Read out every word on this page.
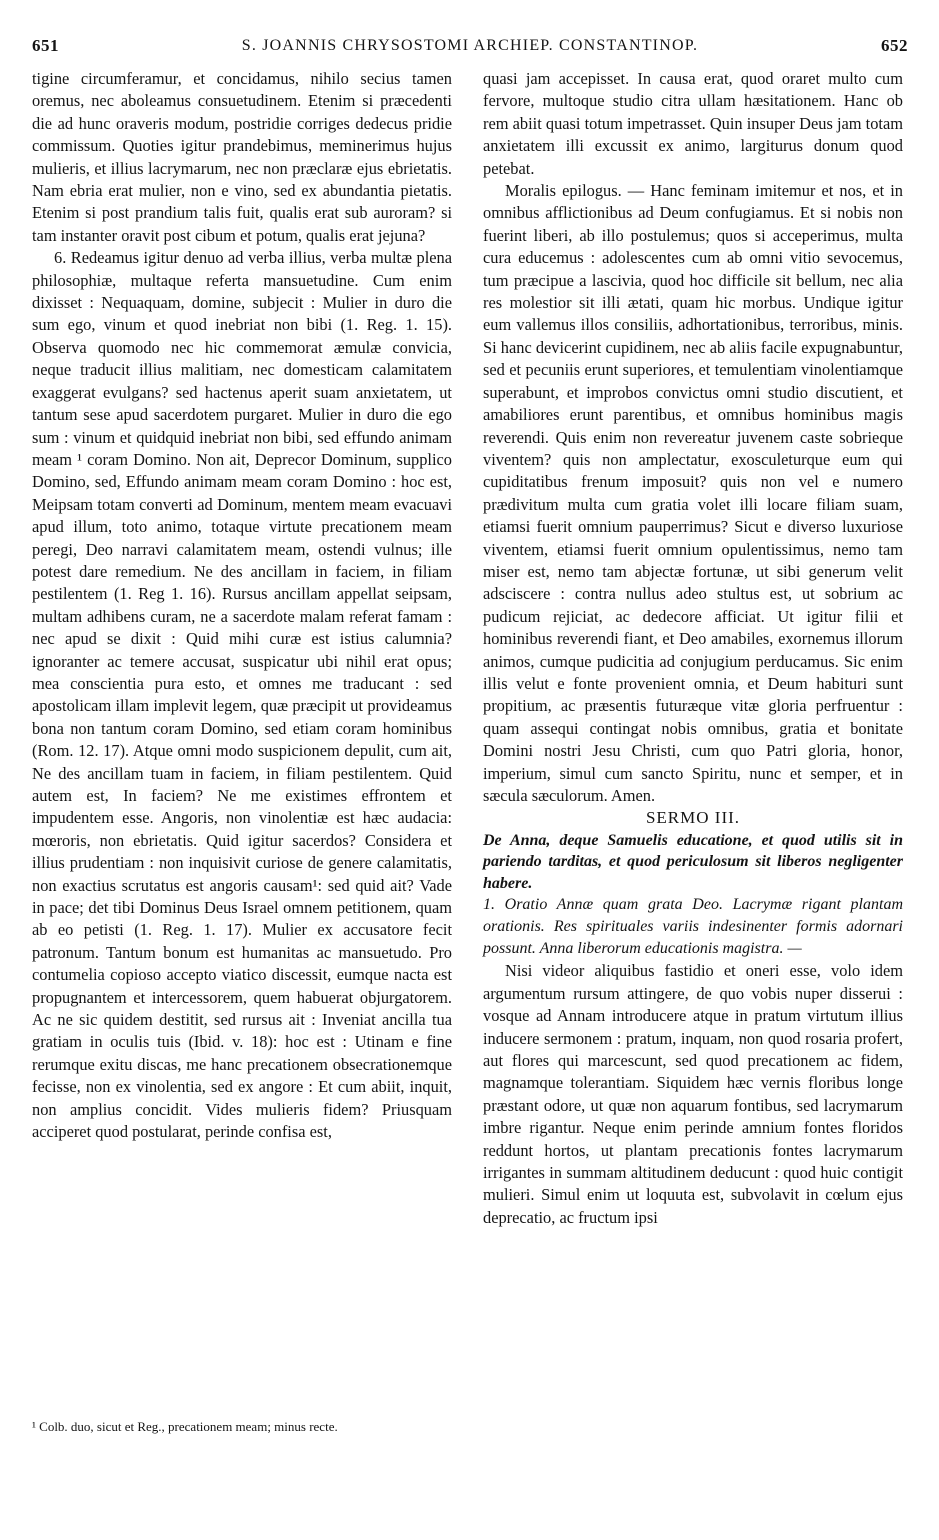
651	S. JOANNIS CHRYSOSTOMI ARCHIEP. CONSTANTINOP.	652

tigine circumferamur, et concidamus, nihilo secius tamen oremus, nec aboleamus consuetudinem. Etenim si præcedenti die ad hunc oraveris modum, postridie corriges dedecus pridie commissum. Quoties igitur prandebimus, meminerimus hujus mulieris, et illius lacrymarum, nec non præclaræ ejus ebrietatis. Nam ebria erat mulier, non e vino, sed ex abundantia pietatis. Etenim si post prandium talis fuit, qualis erat sub auroram? si tam instanter oravit post cibum et potum, qualis erat jejuna?

6. Redeamus igitur denuo ad verba illius, verba multæ plena philosophiæ, multaque referta mansuetudine. Cum enim dixisset : Nequaquam, domine, subjecit : Mulier in duro die sum ego, vinum et quod inebriat non bibi (1. Reg. 1. 15). Observa quomodo nec hic commemorat æmulæ convicia, neque traducit illius malitiam, nec domesticam calamitatem exaggerat evulgans? sed hactenus aperit suam anxietatem, ut tantum sese apud sacerdotem purgaret. Mulier in duro die ego sum : vinum et quidquid inebriat non bibi, sed effundo animam meam ¹ coram Domino. Non ait, Deprecor Dominum, supplico Domino, sed, Effundo animam meam coram Domino : hoc est, Meipsam totam converti ad Dominum, mentem meam evacuavi apud illum, toto animo, totaque virtute precationem meam peregi, Deo narravi calamitatem meam, ostendi vulnus; ille potest dare remedium. Ne des ancillam in faciem, in filiam pestilentem (1. Reg 1. 16). Rursus ancillam appellat seipsam, multam adhibens curam, ne a sacerdote malam referat famam : nec apud se dixit : Quid mihi curæ est istius calumnia? ignoranter ac temere accusat, suspicatur ubi nihil erat opus; mea conscientia pura esto, et omnes me traducant : sed apostolicam illam implevit legem, quæ præcipit ut provideamus bona non tantum coram Domino, sed etiam coram hominibus (Rom. 12. 17). Atque omni modo suspicionem depulit, cum ait, Ne des ancillam tuam in faciem, in filiam pestilentem. Quid autem est, In faciem? Ne me existimes effrontem et impudentem esse. Angoris, non vinolentiæ est hæc audacia: mœroris, non ebrietatis. Quid igitur sacerdos? Considera et illius prudentiam : non inquisivit curiose de genere calamitatis, non exactius scrutatus est angoris causam¹: sed quid ait? Vade in pace; det tibi Dominus Deus Israel omnem petitionem, quam ab eo petisti (1. Reg. 1. 17). Mulier ex accusatore fecit patronum. Tantum bonum est humanitas ac mansuetudo. Pro contumelia copioso accepto viatico discessit, eumque nacta est propugnantem et intercessorem, quem habuerat objurgatorem. Ac ne sic quidem destitit, sed rursus ait : Inveniat ancilla tua gratiam in oculis tuis (Ibid. v. 18): hoc est : Utinam e fine rerumque exitu discas, me hanc precationem obsecrationemque fecisse, non ex vinolentia, sed ex angore : Et cum abiit, inquit, non amplius concidit. Vides mulieris fidem? Priusquam acciperet quod postularat, perinde confisa est,

¹ Colb. duo, sicut et Reg., precationem meam; minus recte.

quasi jam accepisset. In causa erat, quod oraret multo cum fervore, multoque studio citra ullam hæsitationem. Hanc ob rem abiit quasi totum impetrasset. Quin insuper Deus jam totam anxietatem illi excussit ex animo, largiturus donum quod petebat.

Moralis epilogus. — Hanc feminam imitemur et nos, et in omnibus afflictionibus ad Deum confugiamus. Et si nobis non fuerint liberi, ab illo postulemus; quos si acceperimus, multa cura educemus : adolescentes cum ab omni vitio sevocemus, tum præcipue a lascivia, quod hoc difficile sit bellum, nec alia res molestior sit illi ætati, quam hic morbus. Undique igitur eum vallemus illos consiliis, adhortationibus, terroribus, minis. Si hanc devicerint cupidinem, nec ab aliis facile expugnabuntur, sed et pecuniis erunt superiores, et temulentiam vinolentiamque superabunt, et improbos convictus omni studio discutient, et amabiliores erunt parentibus, et omnibus hominibus magis reverendi. Quis enim non revereatur juvenem caste sobrieque viventem? quis non amplectatur, exosculeturque eum qui cupiditatibus frenum imposuit? quis non vel e numero prædivitum multa cum gratia volet illi locare filiam suam, etiamsi fuerit omnium pauperrimus? Sicut e diverso luxuriose viventem, etiamsi fuerit omnium opulentissimus, nemo tam miser est, nemo tam abjectæ fortunæ, ut sibi generum velit adsciscere : contra nullus adeo stultus est, ut sobrium ac pudicum rejiciat, ac dedecore afficiat. Ut igitur filii et hominibus reverendi fiant, et Deo amabiles, exornemus illorum animos, cumque pudicitia ad conjugium perducamus. Sic enim illis velut e fonte provenient omnia, et Deum habituri sunt propitium, ac præsentis futuræque vitæ gloria perfruentur : quam assequi contingat nobis omnibus, gratia et bonitate Domini nostri Jesu Christi, cum quo Patri gloria, honor, imperium, simul cum sancto Spiritu, nunc et semper, et in sæcula sæculorum. Amen.

SERMO III.

De Anna, deque Samuelis educatione, et quod utilis sit in pariendo tarditas, et quod periculosum sit liberos negligenter habere.

1. Oratio Annæ quam grata Deo. Lacrymæ rigant plantam orationis. Res spirituales variis indesinenter formis adornari possunt. Anna liberorum educationis magistra. —

Nisi videor aliquibus fastidio et oneri esse, volo idem argumentum rursum attingere, de quo vobis nuper disserui : vosque ad Annam introducere atque in pratum virtutum illius inducere sermonem : pratum, inquam, non quod rosaria profert, aut flores qui marcescunt, sed quod precationem ac fidem, magnamque tolerantiam. Siquidem hæc vernis floribus longe præstant odore, ut quæ non aquarum fontibus, sed lacrymarum imbre rigantur. Neque enim perinde amnium fontes floridos reddunt hortos, ut plantam precationis fontes lacrymarum irrigantes in summam altitudinem deducunt : quod huic contigit mulieri. Simul enim ut loquuta est, subvolavit in cœlum ejus deprecatio, ac fructum ipsi
